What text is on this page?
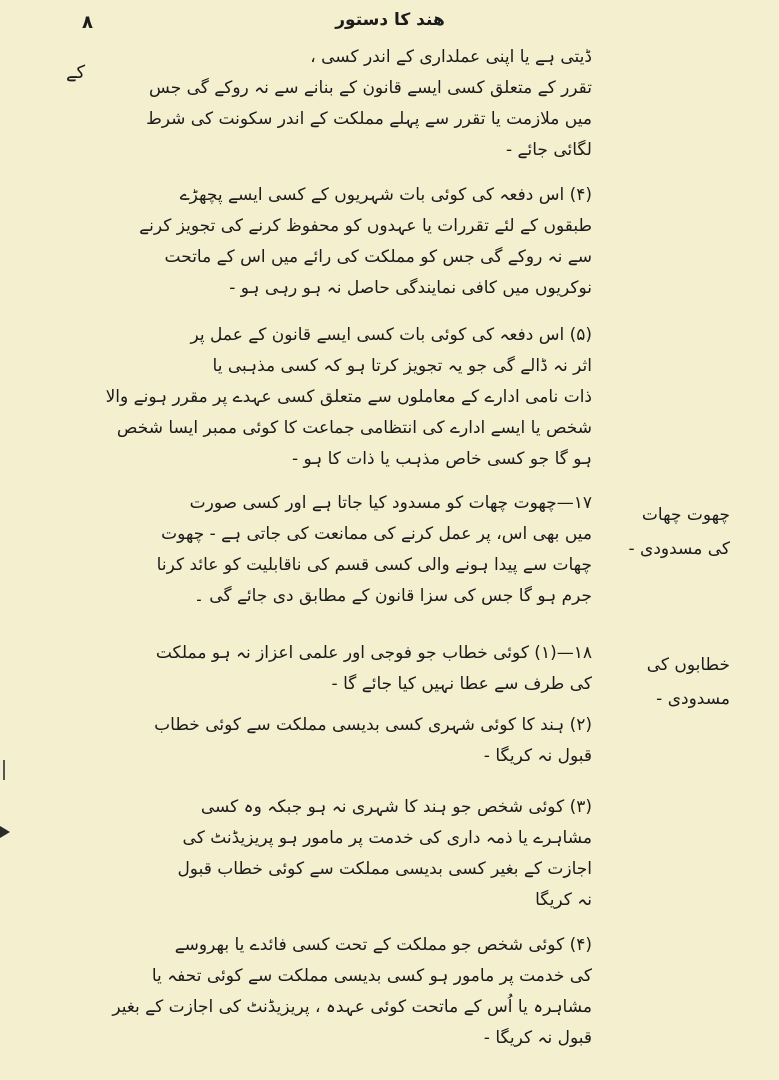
٨	هند کا دستور
کے

ڈیتی ہے یا اپنی عملداری کے اندر کسی ،

تقرر کے متعلق کسی ایسے قانون کے بنانے سے نہ روکے گی جس

میں ملازمت یا تقرر سے پہلے مملکت کے اندر سکونت کی شرط

لگائی جائے -

(۴) اس دفعہ کی کوئی بات شہریوں کے کسی ایسے پچھڑے

طبقوں کے لئے تقررات یا عہدوں کو محفوظ کرنے کی تجویز کرنے

سے نہ روکے گی جس کو مملکت کی رائے میں اس کے ماتحت

نوکریوں میں کافی نمایندگی حاصل نہ ہو رہی ہو -

(۵) اس دفعہ کی کوئی بات کسی ایسے قانون کے عمل پر

اثر نہ ڈالے گی جو یہ تجویز کرتا ہو کہ کسی مذہبی یا

ذات نامی ادارے کے معاملوں سے متعلق کسی عہدے پر مقرر ہونے والا

شخص یا ایسے ادارے کی انتظامی جماعت کا کوئی ممبر ایسا شخص

ہو گا جو کسی خاص مذہب یا ذات کا ہو -

۱۷—چھوت چھات کو مسدود کیا جاتا ہے اور کسی صورت

میں بھی اس، پر عمل کرنے کی ممانعت کی جاتی ہے - چھوت

چھات سے پیدا ہونے والی کسی قسم کی ناقابلیت کو عائد کرنا

جرم ہو گا جس کی سزا قانون کے مطابق دی جائے گی ۔

۱۸—(۱) کوئی خطاب جو فوجی اور علمی اعزاز نہ ہو مملکت

کی طرف سے عطا نہیں کیا جائے گا -

(۲) ہند کا کوئی شہری کسی بدیسی مملکت سے کوئی خطاب

قبول نہ کریگا -

(۳) کوئی شخص جو ہند کا شہری نہ ہو جبکہ وہ کسی

مشاہرے یا ذمہ داری کی خدمت پر مامور ہو پریزیڈنٹ کی

اجازت کے بغیر کسی بدیسی مملکت سے کوئی خطاب قبول

نہ کریگا

(۴) کوئی شخص جو مملکت کے تحت کسی فائدے یا بھروسے

کی خدمت پر مامور ہو کسی بدیسی مملکت سے کوئی تحفہ یا

مشاہرہ یا اُس کے ماتحت کوئی عہدہ ، پریزیڈنٹ کی اجازت کے بغیر

قبول نہ کریگا -

چھوت چھات
کی مسدودی -
خطابوں کی
مسدودی -
